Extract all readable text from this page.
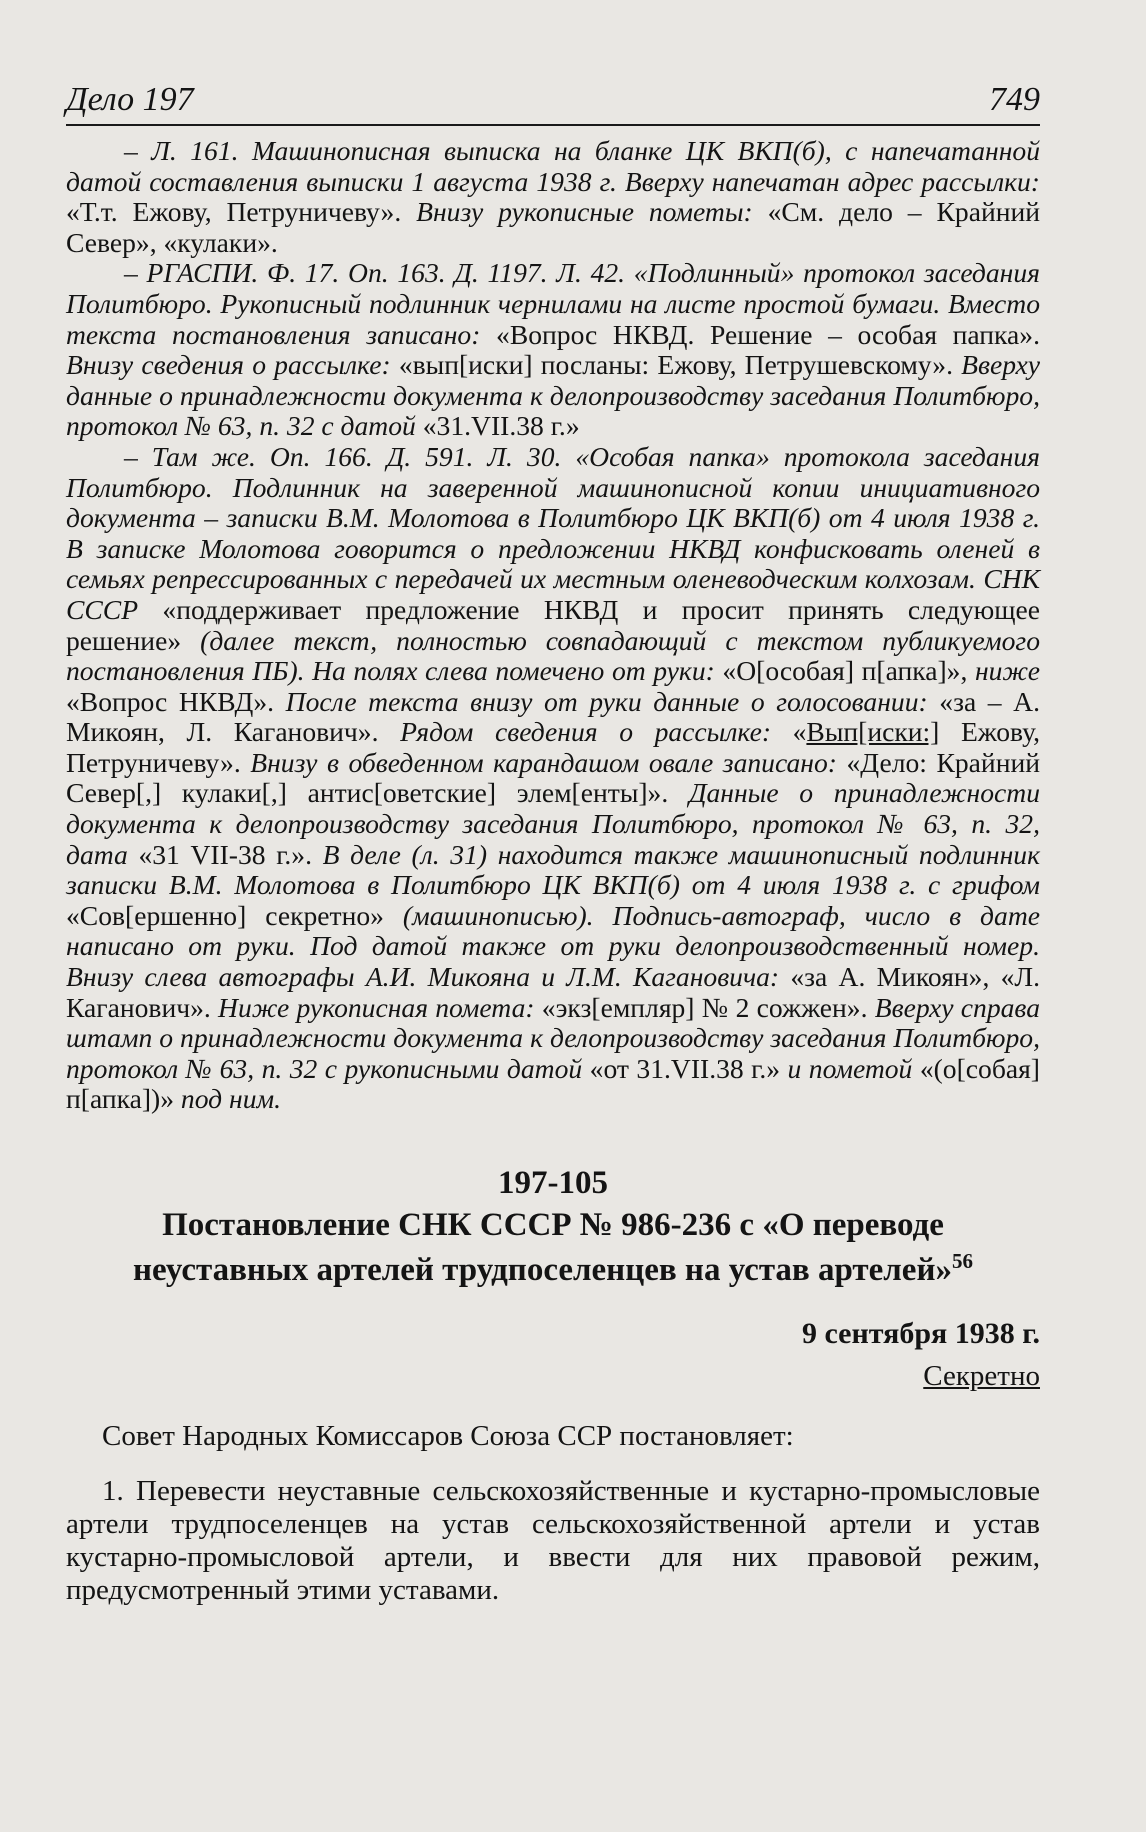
Дело 197	749

– Л. 161. Машинописная выписка на бланке ЦК ВКП(б), с напечатанной датой составления выписки 1 августа 1938 г. Вверху напечатан адрес рассылки: «Т.т. Ежову, Петруничеву». Внизу рукописные пометы: «См. дело – Крайний Север», «кулаки».

– РГАСПИ. Ф. 17. Оп. 163. Д. 1197. Л. 42. «Подлинный» протокол заседания Политбюро. Рукописный подлинник чернилами на листе простой бумаги. Вместо текста постановления записано: «Вопрос НКВД. Решение – особая папка». Внизу сведения о рассылке: «вып[иски] посланы: Ежову, Петрушевскому». Вверху данные о принадлежности документа к делопроизводству заседания Политбюро, протокол № 63, п. 32 с датой «31.VII.38 г.»

– Там же. Оп. 166. Д. 591. Л. 30. «Особая папка» протокола заседания Политбюро. Подлинник на заверенной машинописной копии инициативного документа – записки В.М. Молотова в Политбюро ЦК ВКП(б) от 4 июля 1938 г. В записке Молотова говорится о предложении НКВД конфисковать оленей в семьях репрессированных с передачей их местным оленеводческим колхозам. СНК СССР «поддерживает предложение НКВД и просит принять следующее решение» (далее текст, полностью совпадающий с текстом публикуемого постановления ПБ). На полях слева помечено от руки: «О[особая] п[апка]», ниже «Вопрос НКВД». После текста внизу от руки данные о голосовании: «за – А. Микоян, Л. Каганович». Рядом сведения о рассылке: «Вып[иски:] Ежову, Петруничеву». Внизу в обведенном карандашом овале записано: «Дело: Крайний Север[,] кулаки[,] антис[оветские] элем[енты]». Данные о принадлежности документа к делопроизводству заседания Политбюро, протокол № 63, п. 32, дата «31 VII-38 г.». В деле (л. 31) находится также машинописный подлинник записки В.М. Молотова в Политбюро ЦК ВКП(б) от 4 июля 1938 г. с грифом «Сов[ершенно] секретно» (машинописью). Подпись-автограф, число в дате написано от руки. Под датой также от руки делопроизводственный номер. Внизу слева автографы А.И. Микояна и Л.М. Кагановича: «за А. Микоян», «Л. Каганович». Ниже рукописная помета: «экз[емпляр] № 2 сожжен». Вверху справа штамп о принадлежности документа к делопроизводству заседания Политбюро, протокол № 63, п. 32 с рукописными датой «от 31.VII.38 г.» и пометой «(о[собая] п[апка])» под ним.

197-105
Постановление СНК СССР № 986-236 с «О переводе неуставных артелей трудпоселенцев на устав артелей»$^{56}$
9 сентября 1938 г.
Секретно

Совет Народных Комиссаров Союза ССР постановляет:

1. Перевести неуставные сельскохозяйственные и кустарно-промысловые артели трудпоселенцев на устав сельскохозяйственной артели и устав кустарно-промысловой артели, и ввести для них правовой режим, предусмотренный этими уставами.
